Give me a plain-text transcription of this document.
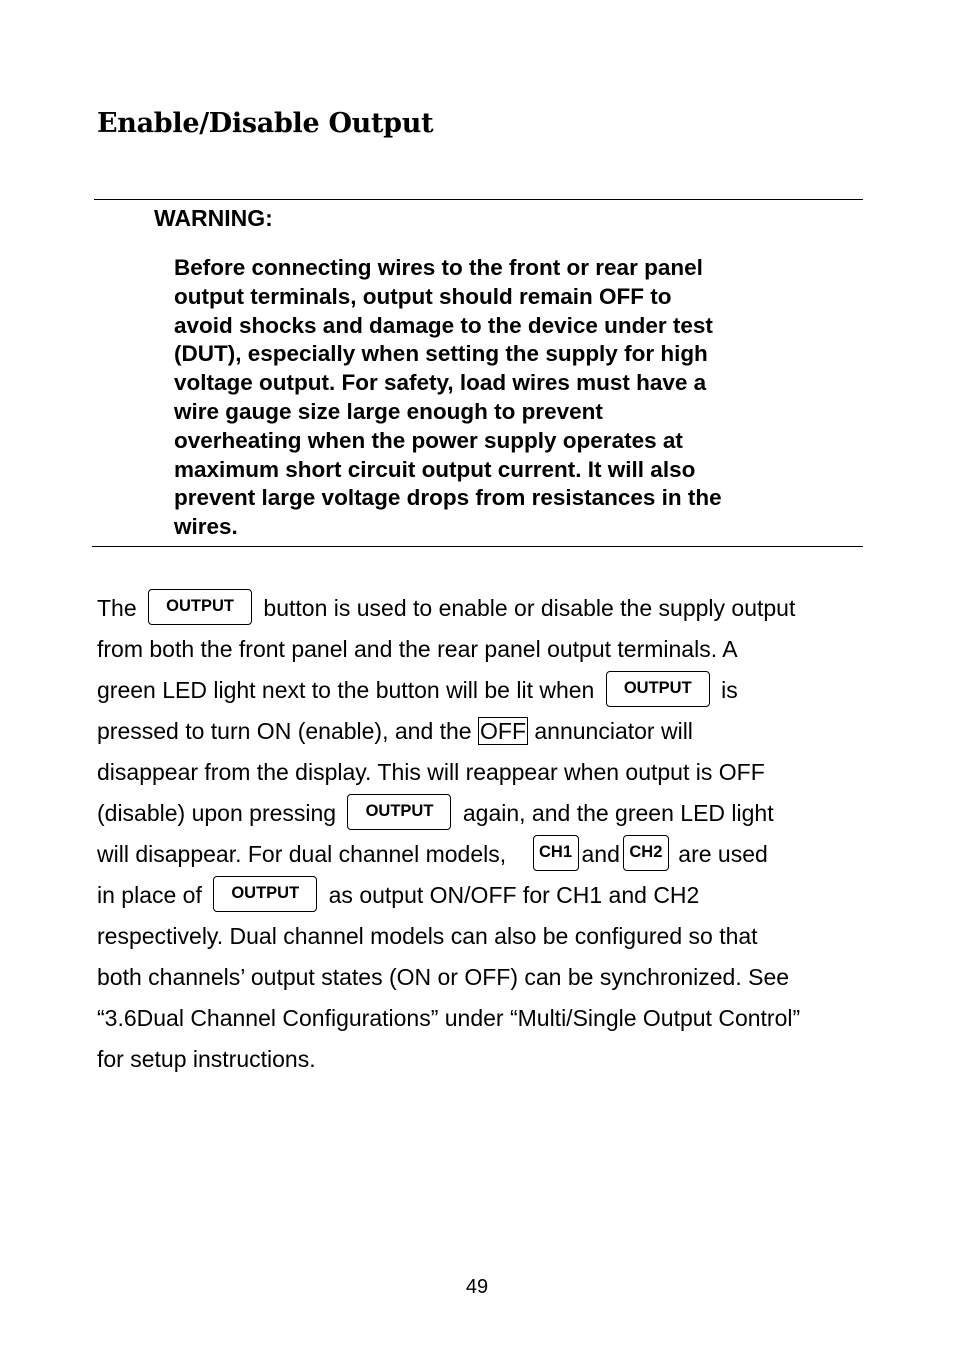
Enable/Disable Output
WARNING:
Before connecting wires to the front or rear panel
output terminals, output should remain OFF to
avoid shocks and damage to the device under test
(DUT), especially when setting the supply for high
voltage output. For safety, load wires must have a
wire gauge size large enough to prevent
overheating when the power supply operates at
maximum short circuit output current. It will also
prevent large voltage drops from resistances in the
wires.
The OUTPUT button is used to enable or disable the supply output
from both the front panel and the rear panel output terminals. A
green LED light next to the button will be lit when OUTPUT is
pressed to turn ON (enable), and the OFF annunciator will
disappear from the display. This will reappear when output is OFF
(disable) upon pressing OUTPUT again, and the green LED light
will disappear. For dual channel models, CH1 and CH2 are used
in place of OUTPUT as output ON/OFF for CH1 and CH2
respectively. Dual channel models can also be configured so that
both channels’ output states (ON or OFF) can be synchronized. See
“3.6Dual Channel Configurations” under “Multi/Single Output Control”
for setup instructions.
49
